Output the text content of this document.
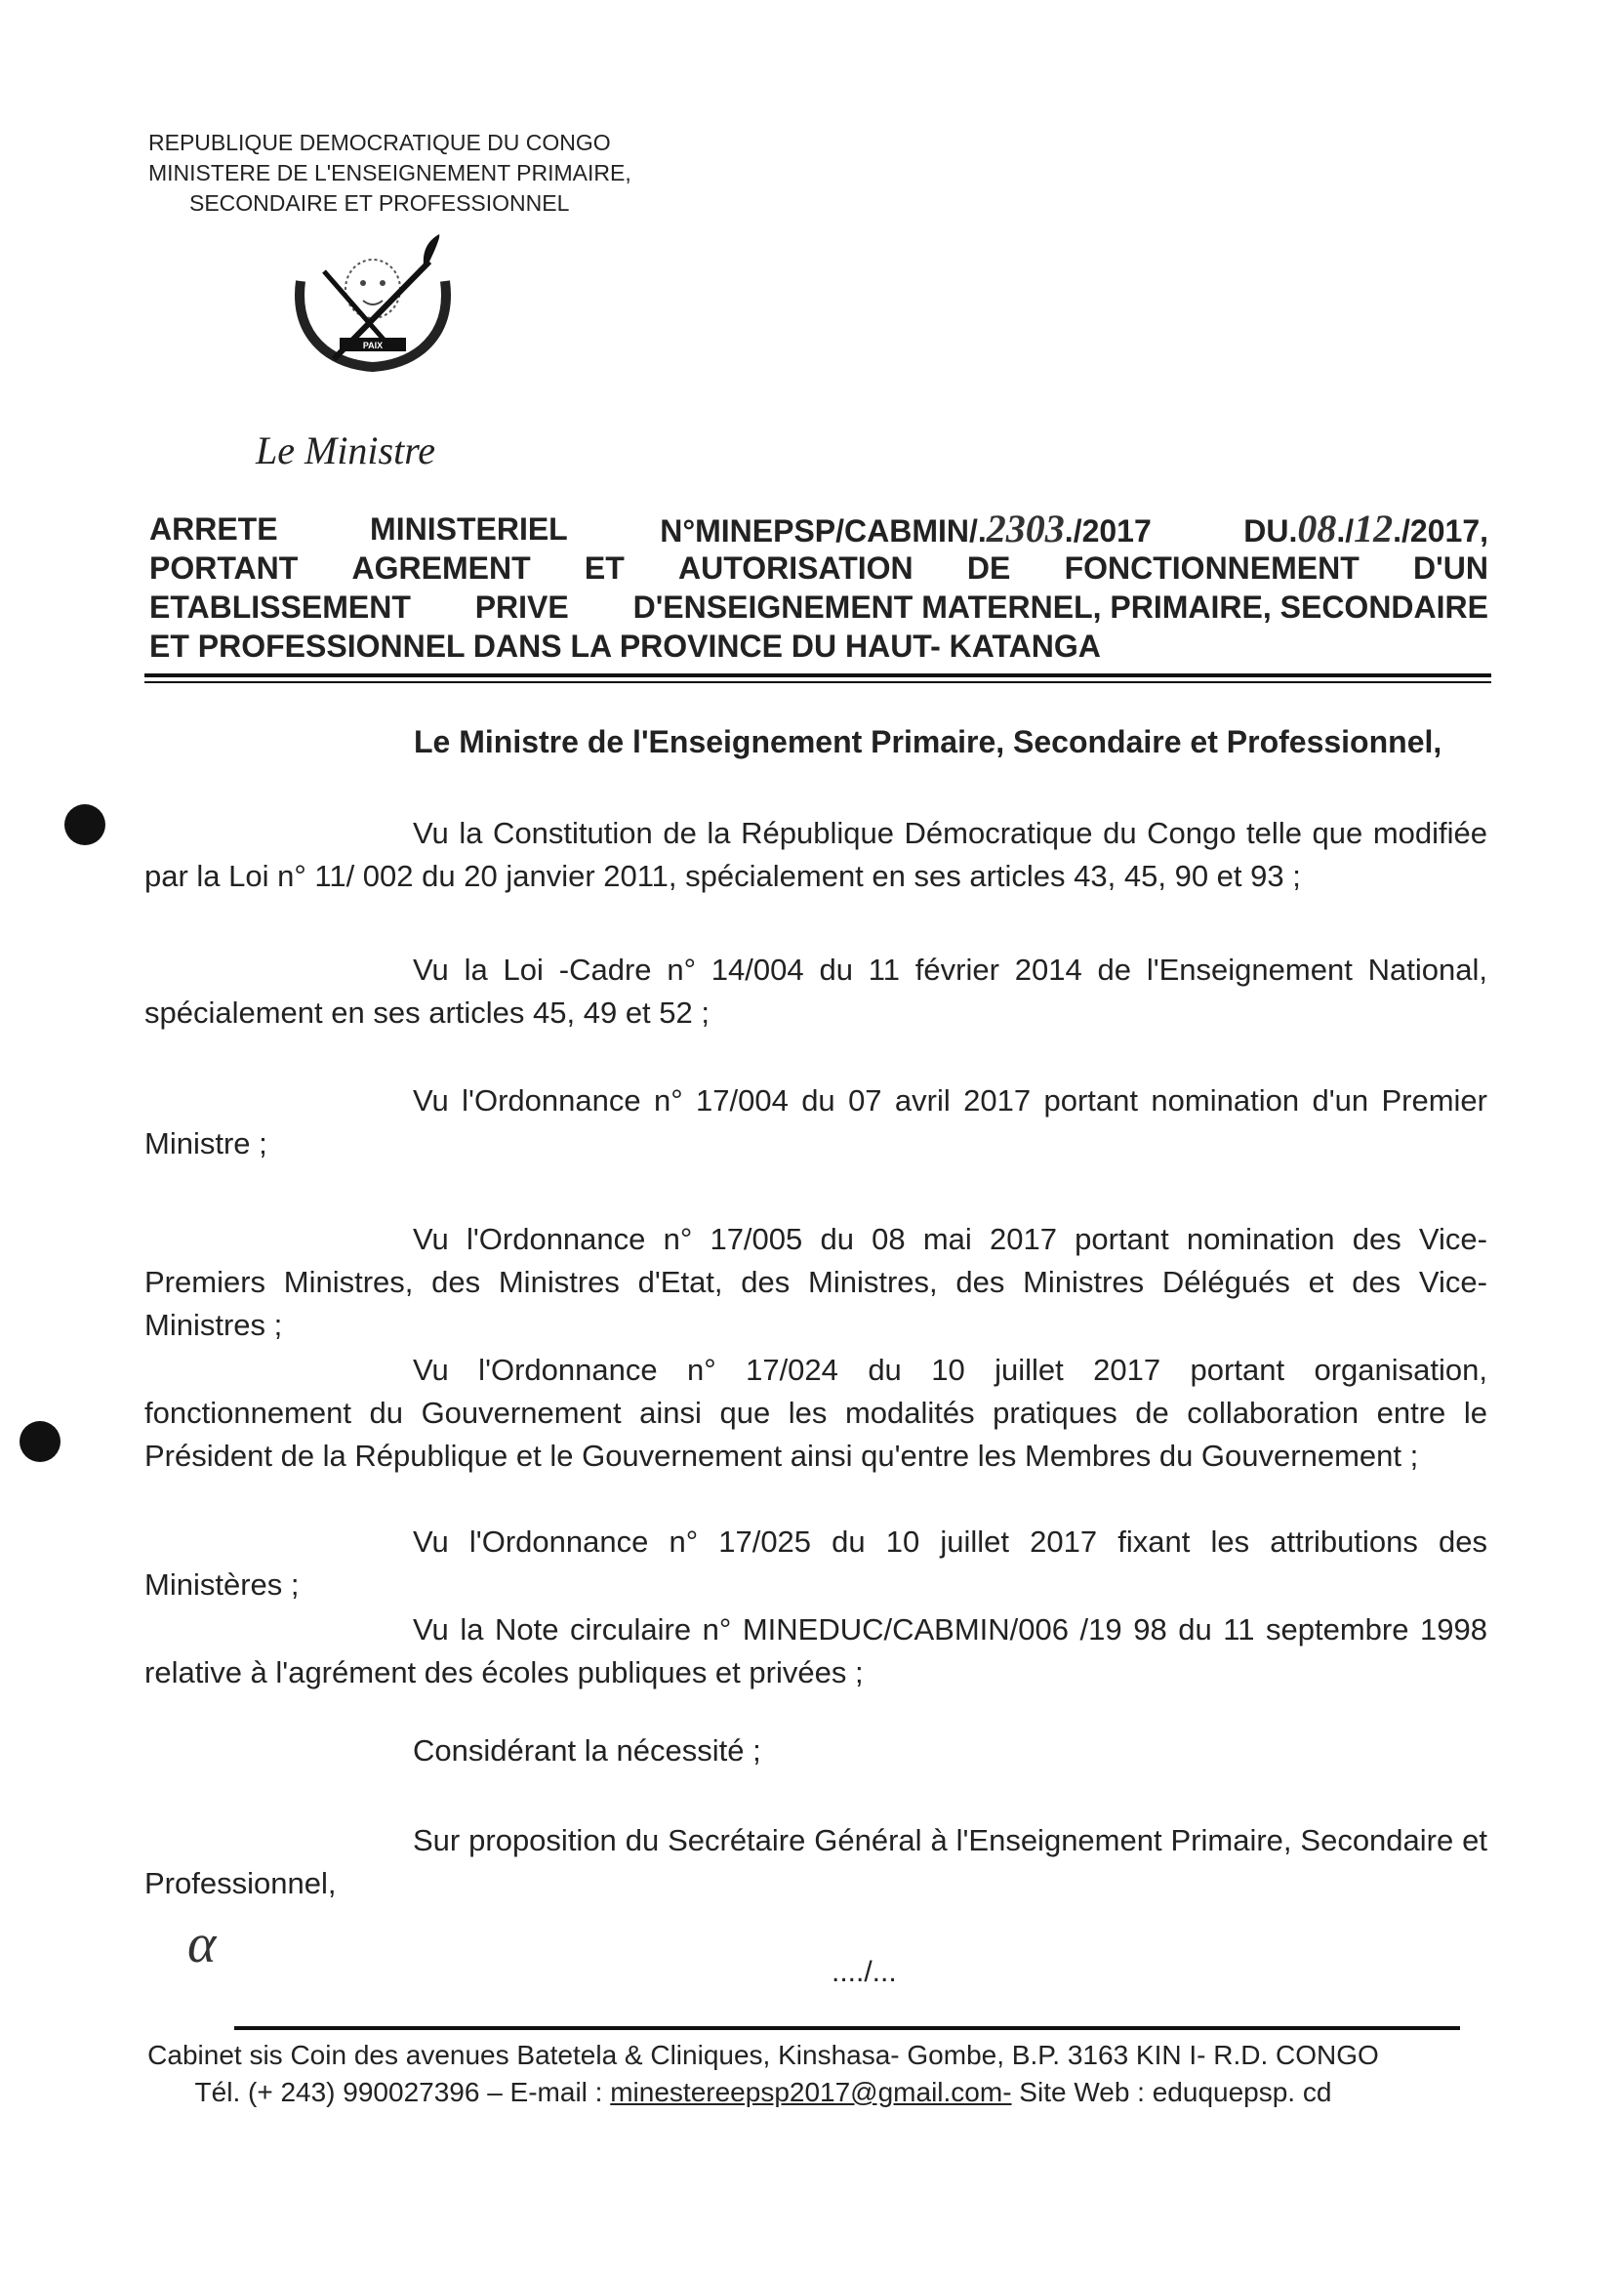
REPUBLIQUE DEMOCRATIQUE DU CONGO
MINISTERE DE L'ENSEIGNEMENT PRIMAIRE,
SECONDAIRE ET PROFESSIONNEL
PAIX
Le Ministre
ARRETE	MINISTERIEL	N°MINEPSP/CABMIN/.2303./2017	DU.08./12./2017,
PORTANT AGREMENT ET AUTORISATION DE FONCTIONNEMENT D'UN
ETABLISSEMENT PRIVE D'ENSEIGNEMENT MATERNEL, PRIMAIRE, SECONDAIRE
ET PROFESSIONNEL DANS LA PROVINCE DU HAUT- KATANGA
Le Ministre de l'Enseignement Primaire, Secondaire et Professionnel,
Vu la Constitution de la République Démocratique du Congo telle que modifiée par la Loi n° 11/ 002 du 20 janvier 2011, spécialement en ses articles 43, 45, 90 et 93 ;
Vu la Loi -Cadre n° 14/004 du 11 février 2014 de l'Enseignement National, spécialement en ses articles 45, 49 et 52 ;
Vu l'Ordonnance n° 17/004 du 07 avril 2017 portant nomination d'un Premier Ministre ;
Vu l'Ordonnance n° 17/005 du 08 mai 2017 portant nomination des Vice-Premiers Ministres, des Ministres d'Etat, des Ministres, des Ministres Délégués et des Vice-Ministres ;
Vu l'Ordonnance n° 17/024 du 10 juillet 2017 portant organisation, fonctionnement du Gouvernement ainsi que les modalités pratiques de collaboration entre le Président de la République et le Gouvernement ainsi qu'entre les Membres du Gouvernement ;
Vu l'Ordonnance n° 17/025 du 10 juillet 2017 fixant les attributions des Ministères ;
Vu la Note circulaire n° MINEDUC/CABMIN/006 /19 98 du 11 septembre 1998 relative à l'agrément des écoles publiques et privées ;
Considérant la nécessité ;
Sur proposition du Secrétaire Général à l'Enseignement Primaire, Secondaire et Professionnel,
α	..../...
Cabinet sis Coin des avenues Batetela & Cliniques, Kinshasa- Gombe, B.P. 3163 KIN I- R.D. CONGO
Tél. (+ 243) 990027396 – E-mail : minestereepsp2017@gmail.com- Site Web : eduquepsp. cd
